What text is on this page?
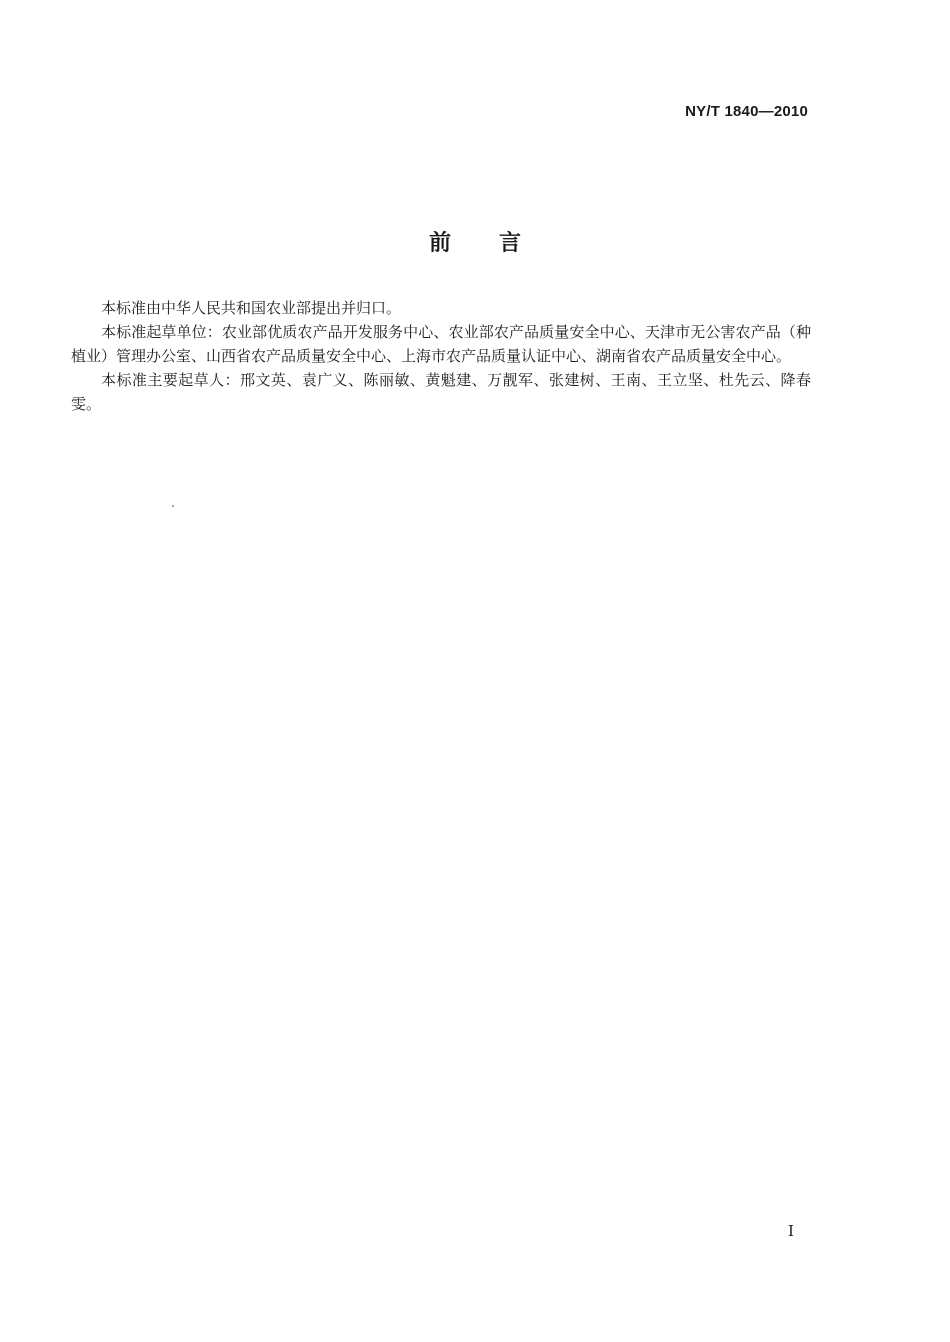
NY/T 1840—2010
前言

本标准由中华人民共和国农业部提出并归口。

本标准起草单位：农业部优质农产品开发服务中心、农业部农产品质量安全中心、天津市无公害农产品（种植业）管理办公室、山西省农产品质量安全中心、上海市农产品质量认证中心、湖南省农产品质量安全中心。

本标准主要起草人：邢文英、袁广义、陈丽敏、黄魁建、万靓军、张建树、王南、王立坚、杜先云、降春雯。

I
